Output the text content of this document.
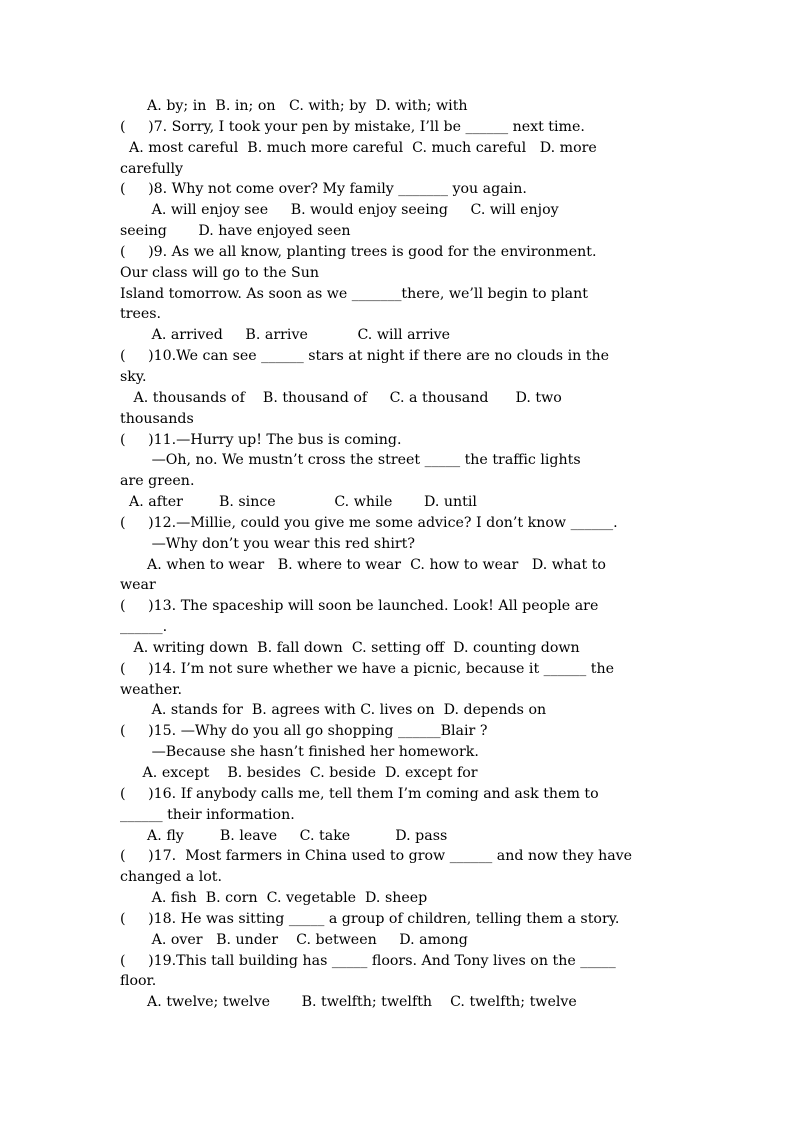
A. by; in  B. in; on   C. with; by  D. with; with
(     )7. Sorry, I took your pen by mistake, I’ll be ______ next time.
A. most careful  B. much more careful  C. much careful   D. more
carefully
(     )8. Why not come over? My family _______ you again.
A. will enjoy see     B. would enjoy seeing     C. will enjoy
seeing       D. have enjoyed seen
(     )9. As we all know, planting trees is good for the environment.
Our class will go to the Sun
Island tomorrow. As soon as we _______there, we’ll begin to plant
trees.
A. arrived     B. arrive           C. will arrive
(     )10.We can see ______ stars at night if there are no clouds in the
sky.
A. thousands of    B. thousand of     C. a thousand      D. two
thousands
(     )11.—Hurry up! The bus is coming.
—Oh, no. We mustn’t cross the street _____ the traffic lights
are green.
A. after        B. since             C. while       D. until
(     )12.—Millie, could you give me some advice? I don’t know ______.
—Why don’t you wear this red shirt?
A. when to wear   B. where to wear  C. how to wear   D. what to
wear
(     )13. The spaceship will soon be launched. Look! All people are
______.
A. writing down  B. fall down  C. setting off  D. counting down
(     )14. I’m not sure whether we have a picnic, because it ______ the
weather.
A. stands for  B. agrees with C. lives on  D. depends on
(     )15. —Why do you all go shopping ______Blair ?
—Because she hasn’t finished her homework.
A. except    B. besides  C. beside  D. except for
(     )16. If anybody calls me, tell them I’m coming and ask them to
______ their information.
A. fly        B. leave     C. take          D. pass
(     )17.  Most farmers in China used to grow ______ and now they have
changed a lot.
A. fish  B. corn  C. vegetable  D. sheep
(     )18. He was sitting _____ a group of children, telling them a story.
A. over   B. under    C. between     D. among
(     )19.This tall building has _____ floors. And Tony lives on the _____
floor.
A. twelve; twelve       B. twelfth; twelfth    C. twelfth; twelve
